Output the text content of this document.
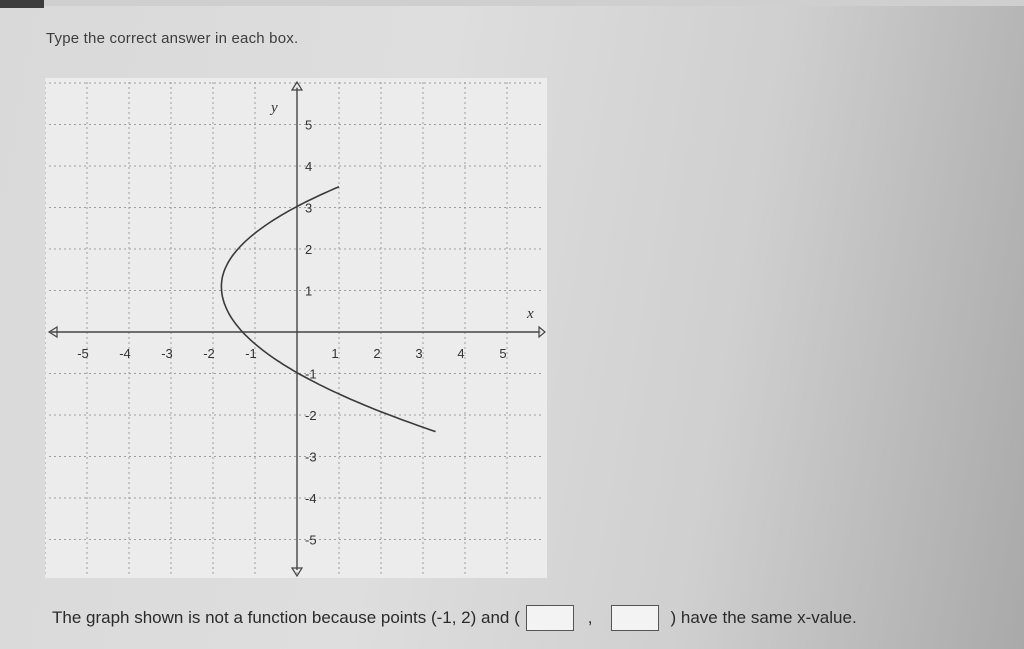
Type the correct answer in each box.
-5 -4 -3 -2 -1	1	2	3	4	5
5
4
3
2
1
-1
-2
-3
-4
-5
x
y
The graph shown is not a function because points (-1, 2) and (	,	) have the same x-value.
